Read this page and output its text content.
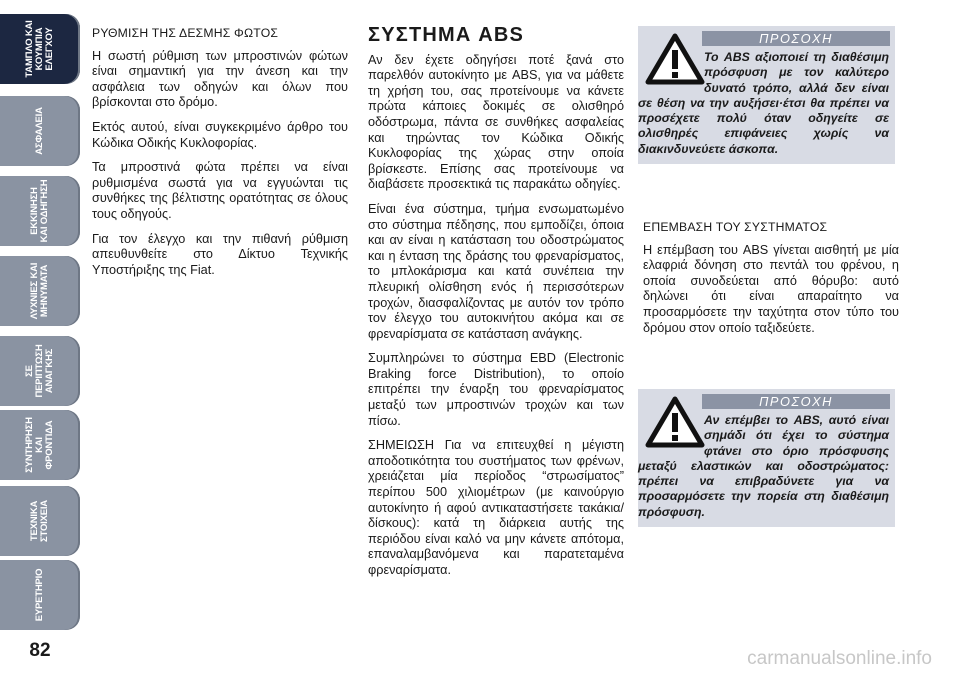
ΤΑΜΠΛΟ ΚΑΙ
ΚΟΥΜΠΙΑ
ΕΛΕΓΧΟΥ
ΑΣΦΑΛΕΙΑ
ΕΚΚΙΝΗΣΗ
ΚΑΙ ΟΔΗΓΗΣΗ
ΛΥΧΝΙΕΣ ΚΑΙ
ΜΗΝΥΜΑΤΑ
ΣΕ ΠΕΡΙΠΤΩΣΗ
ΑΝΑΓΚΗΣ
ΣΥΝΤΗΡΗΣΗ
ΚΑΙ ΦΡΟΝΤΙΔΑ
ΤΕΧΝΙΚΑ
ΣΤΟΙΧΕΙΑ
ΕΥΡΕΤΗΡΙΟ
82
ΡΥΘΜΙΣΗ ΤΗΣ ΔΕΣΜΗΣ ΦΩΤΟΣ

Η σωστή ρύθμιση των μπροστινών φώτων είναι σημαντική για την άνεση και την ασφάλεια των οδηγών και όλων που βρίσκονται στο δρόμο.

Εκτός αυτού, είναι συγκεκριμένο άρθρο του Κώδικα Οδικής Κυκλοφορίας.

Τα μπροστινά φώτα πρέπει να είναι ρυθμισμένα σωστά για να εγγυώνται τις συνθήκες της βέλτιστης ορατότητας σε όλους τους οδηγούς.

Για τον έλεγχο και την πιθανή ρύθμιση απευθυνθείτε στο Δίκτυο Τεχνικής Υποστήριξης της Fiat.

ΣΥΣΤΗΜΑ ABS

Αν δεν έχετε οδηγήσει ποτέ ξανά στο παρελθόν αυτοκίνητο με ABS, για να μάθετε τη χρήση του, σας προτείνουμε να κάνετε πρώτα κάποιες δοκιμές σε ολισθηρό οδόστρωμα, πάντα σε συνθήκες ασφαλείας και τηρώντας τον Κώδικα Οδικής Κυκλοφορίας της χώρας στην οποία βρίσκεστε. Επίσης σας προτείνουμε να διαβάσετε προσεκτικά τις παρακάτω οδηγίες.

Είναι ένα σύστημα, τμήμα ενσωματωμένο στο σύστημα πέδησης, που εμποδίζει, όποια και αν είναι η κατάσταση του οδοστρώματος και η ένταση της δράσης του φρεναρίσματος, το μπλοκάρισμα και κατά συνέπεια την πλευρική ολίσθηση ενός ή περισσότερων τροχών, διασφαλίζοντας με αυτόν τον τρόπο τον έλεγχο του αυτοκινήτου ακόμα και σε φρεναρίσματα σε κατάσταση ανάγκης.

Συμπληρώνει το σύστημα EBD (Electronic Braking force Distribution), το οποίο επιτρέπει την έναρξη του φρεναρίσματος μεταξύ των μπροστινών τροχών και των πίσω.

ΣΗΜΕΙΩΣΗ Για να επιτευχθεί η μέγιστη αποδοτικότητα του συστήματος των φρένων, χρειάζεται μία περίοδος “στρωσίματος” περίπου 500 χιλιομέτρων (με καινούργιο αυτοκίνητο ή αφού αντικαταστήσετε τακάκια/δίσκους): κατά τη διάρκεια αυτής της περιόδου είναι καλό να μην κάνετε απότομα, επαναλαμβανόμενα και παρατεταμένα φρεναρίσματα.

ΠΡΟΣΟΧΗ
Το ABS αξιοποιεί τη διαθέσιμη πρόσφυση με τον καλύτερο δυνατό τρόπο, αλλά δεν είναι σε θέση να την αυξήσει·έτσι θα πρέπει να προσέχετε πολύ όταν οδηγείτε σε ολισθηρές επιφάνειες χωρίς να διακινδυνεύετε άσκοπα.
ΕΠΕΜΒΑΣΗ ΤΟΥ ΣΥΣΤΗΜΑΤΟΣ

Η επέμβαση του ABS γίνεται αισθητή με μία ελαφριά δόνηση στο πεντάλ του φρένου, η οποία συνοδεύεται από θόρυβο: αυτό δηλώνει ότι είναι απαραίτητο να προσαρμόσετε την ταχύτητα στον τύπο του δρόμου στον οποίο ταξιδεύετε.

ΠΡΟΣΟΧΗ
Αν επέμβει το ABS, αυτό είναι σημάδι ότι έχει το σύστημα φτάνει στο όριο πρόσφυσης μεταξύ ελαστικών και οδοστρώματος: πρέπει να επιβραδύνετε για να προσαρμόσετε την πορεία στη διαθέσιμη πρόσφυση.
carmanualsonline.info
